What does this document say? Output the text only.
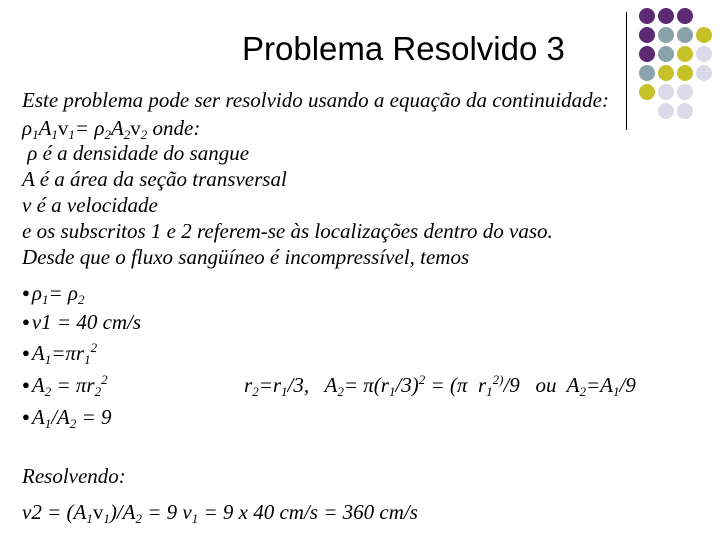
Problema Resolvido 3
Este problema pode ser resolvido usando a equação da continuidade:
$\rho_1A_1v_1= \rho_2A_2v_2$ onde:
ρ é a densidade do sangue
A é a área da seção transversal
v é a velocidade
e os subscritos 1 e 2 referem-se às localizações dentro do vaso.
Desde que o fluxo sangüíneo é incompressível, temos
$●\rho_1= \rho_2$
●v1 = 40 cm/s
$●A_1=\pi r_1^2$
$●A_2 = \pi r_2^2$	$r_2=r_1/3$,   $A_2= \pi(r_1/3)^2 = (\pi$  $r_1^{2)}/9$   ou  $A_2=A_1/9$
$●A_1/A_2 = 9$
Resolvendo:
$v2 = (A_1v_1)/A_2 = 9$ $v_1 = 9$ x 40 cm/s = 360 cm/s
